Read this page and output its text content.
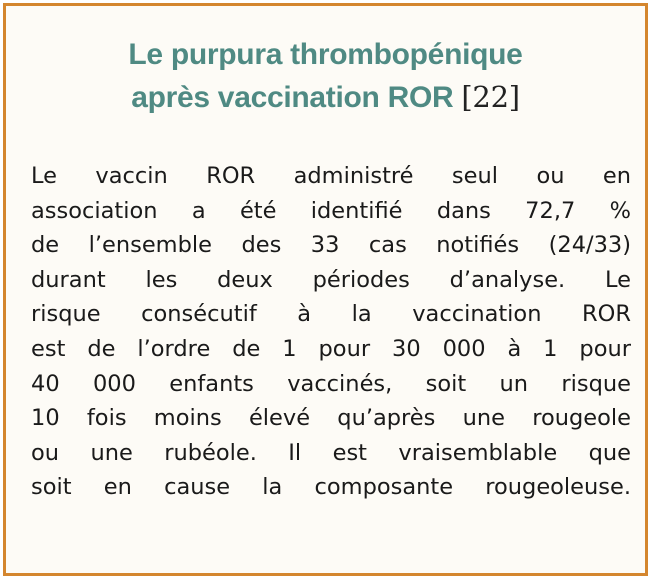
Le purpura thrombopénique
après vaccination ROR [22]
Le vaccin ROR administré seul ou en
association a été identifié dans 72,7 %
de l’ensemble des 33 cas notifiés (24/33)
durant les deux périodes d’analyse. Le
risque consécutif à la vaccination ROR
est de l’ordre de 1 pour 30 000 à 1 pour
40 000 enfants vaccinés, soit un risque
10 fois moins élevé qu’après une rougeole
ou une rubéole. Il est vraisemblable que
soit en cause la composante rougeoleuse.
